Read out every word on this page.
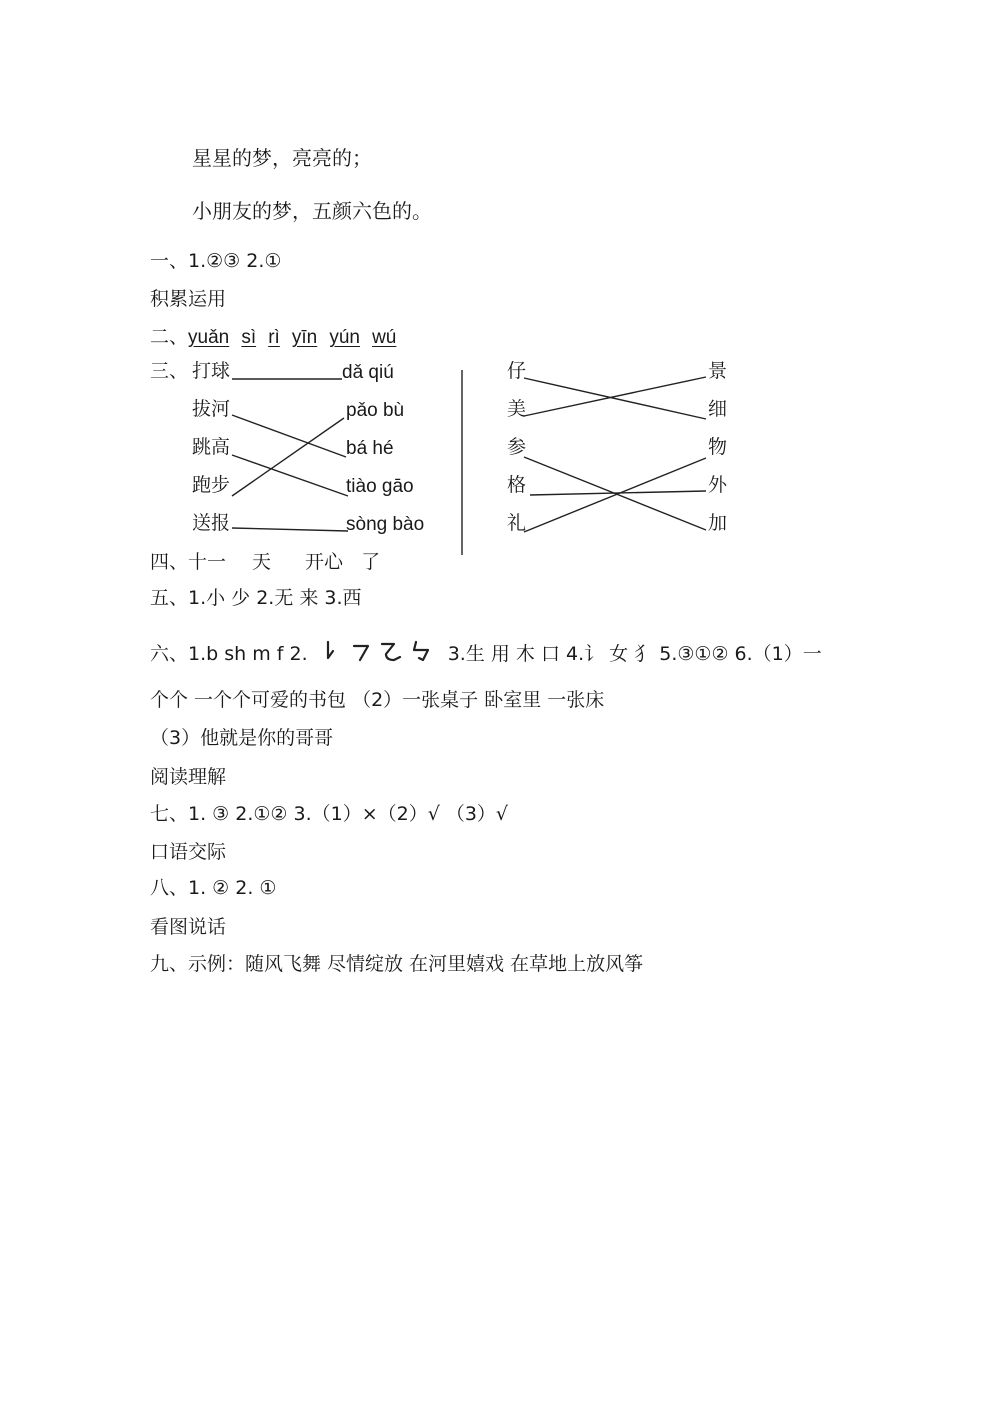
星星的梦，亮亮的；
小朋友的梦，五颜六色的。
一、1.②③ 2.①
积累运用
二、yuǎn sì rì yīn yún wú
三、 打球
拔河
跳高
跑步
送报
dǎ qiú
pǎo bù
bá hé
tiào gāo
sòng bào
仔
美
参
格
礼
景
细
物
外
加
四、十一 天 开心 了
五、1.小 少 2.无 来 3.西
六、1.b sh m f 2.	3.生 用 木 口 4.讠 女 犭 5.③①② 6.（1）一
个个 一个个可爱的书包 （2）一张桌子 卧室里 一张床
（3）他就是你的哥哥
阅读理解
七、1. ③ 2.①② 3.（1）×（2）√ （3）√
口语交际
八、1. ② 2. ①
看图说话
九、示例：随风飞舞 尽情绽放 在河里嬉戏 在草地上放风筝
